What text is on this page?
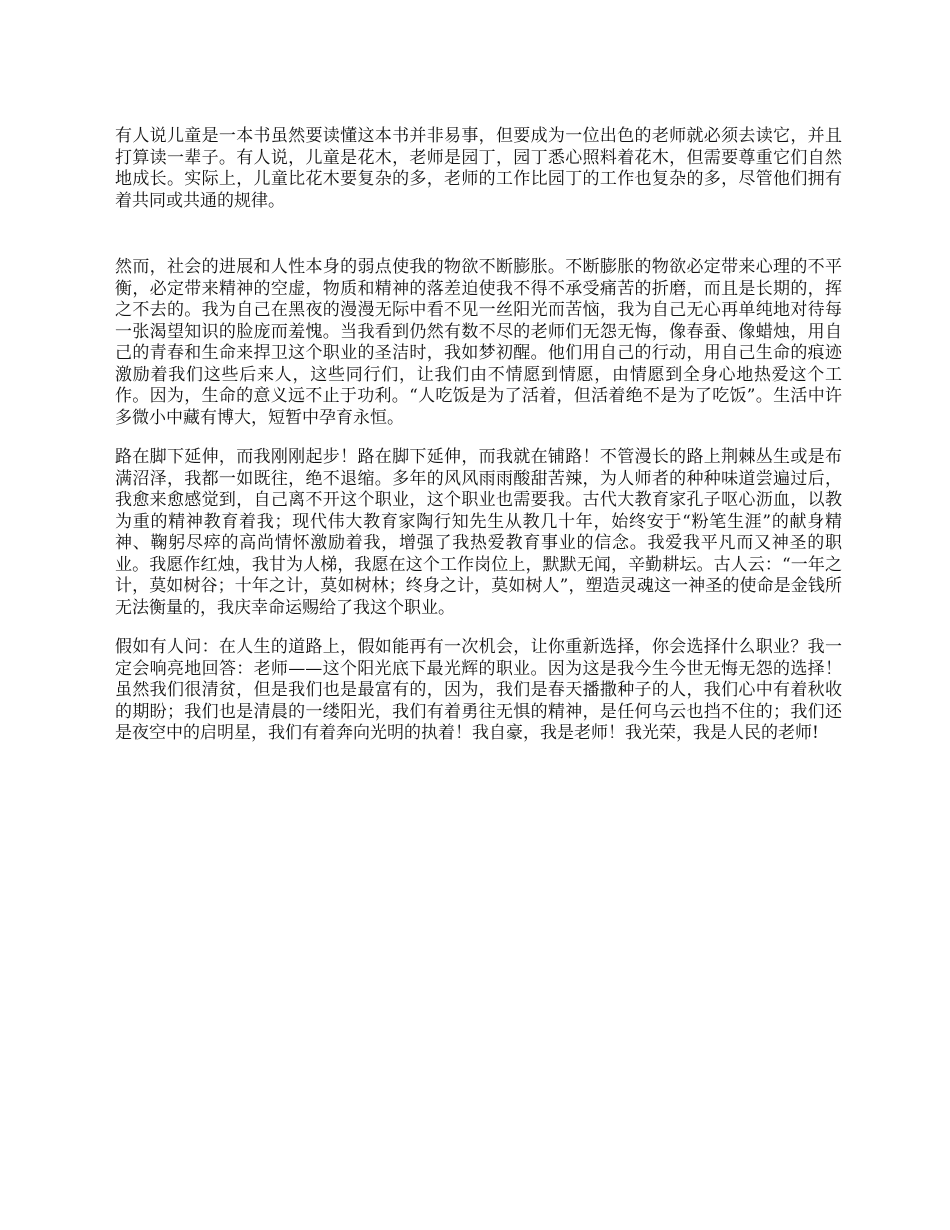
有人说儿童是一本书虽然要读懂这本书并非易事，但要成为一位出色的老师就必须去读它，并且打算读一辈子。有人说，儿童是花木，老师是园丁，园丁悉心照料着花木，但需要尊重它们自然地成长。实际上，儿童比花木要复杂的多，老师的工作比园丁的工作也复杂的多，尽管他们拥有着共同或共通的规律。

然而，社会的进展和人性本身的弱点使我的物欲不断膨胀。不断膨胀的物欲必定带来心理的不平衡，必定带来精神的空虚，物质和精神的落差迫使我不得不承受痛苦的折磨，而且是长期的，挥之不去的。我为自己在黑夜的漫漫无际中看不见一丝阳光而苦恼，我为自己无心再单纯地对待每一张渴望知识的脸庞而羞愧。当我看到仍然有数不尽的老师们无怨无悔，像春蚕、像蜡烛，用自己的青春和生命来捍卫这个职业的圣洁时，我如梦初醒。他们用自己的行动，用自己生命的痕迹激励着我们这些后来人，这些同行们，让我们由不情愿到情愿，由情愿到全身心地热爱这个工作。因为，生命的意义远不止于功利。“人吃饭是为了活着，但活着绝不是为了吃饭”。生活中许多微小中藏有博大，短暂中孕育永恒。

路在脚下延伸，而我刚刚起步！路在脚下延伸，而我就在铺路！不管漫长的路上荆棘丛生或是布满沼泽，我都一如既往，绝不退缩。多年的风风雨雨酸甜苦辣，为人师者的种种味道尝遍过后，我愈来愈感觉到，自己离不开这个职业，这个职业也需要我。古代大教育家孔子呕心沥血，以教为重的精神教育着我；现代伟大教育家陶行知先生从教几十年，始终安于“粉笔生涯”的献身精神、鞠躬尽瘁的高尚情怀激励着我，增强了我热爱教育事业的信念。我爱我平凡而又神圣的职业。我愿作红烛，我甘为人梯，我愿在这个工作岗位上，默默无闻，辛勤耕坛。古人云：“一年之计，莫如树谷；十年之计，莫如树林；终身之计，莫如树人”，塑造灵魂这一神圣的使命是金钱所无法衡量的，我庆幸命运赐给了我这个职业。

假如有人问：在人生的道路上，假如能再有一次机会，让你重新选择，你会选择什么职业？我一定会响亮地回答：老师——这个阳光底下最光辉的职业。因为这是我今生今世无悔无怨的选择！虽然我们很清贫，但是我们也是最富有的，因为，我们是春天播撒种子的人，我们心中有着秋收的期盼；我们也是清晨的一缕阳光，我们有着勇往无惧的精神，是任何乌云也挡不住的；我们还是夜空中的启明星，我们有着奔向光明的执着！我自豪，我是老师！我光荣，我是人民的老师!
